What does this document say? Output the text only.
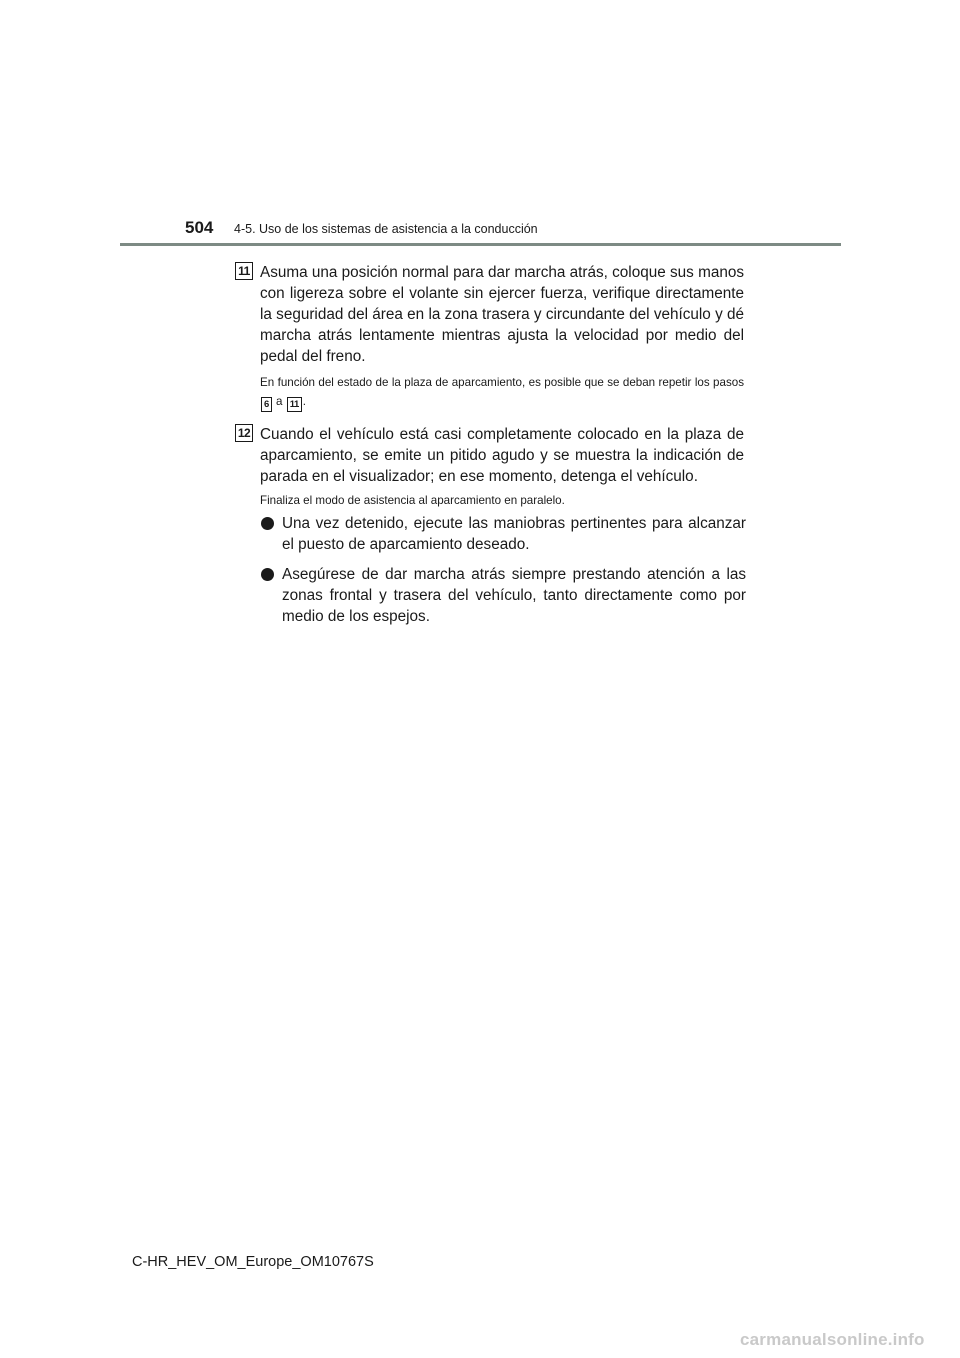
504 4-5. Uso de los sistemas de asistencia a la conducción
11 Asuma una posición normal para dar marcha atrás, coloque sus manos con ligereza sobre el volante sin ejercer fuerza, verifique directamente la seguridad del área en la zona trasera y circundante del vehículo y dé marcha atrás lentamente mientras ajusta la velocidad por medio del pedal del freno.

En función del estado de la plaza de aparcamiento, es posible que se deban repetir los pasos 6 a 11 .

12 Cuando el vehículo está casi completamente colocado en la plaza de aparcamiento, se emite un pitido agudo y se muestra la indicación de parada en el visualizador; en ese momento, detenga el vehículo.

Finaliza el modo de asistencia al aparcamiento en paralelo.

Una vez detenido, ejecute las maniobras pertinentes para alcanzar el puesto de aparcamiento deseado.
Asegúrese de dar marcha atrás siempre prestando atención a las zonas frontal y trasera del vehículo, tanto directamente como por medio de los espejos.
C-HR_HEV_OM_Europe_OM10767S
carmanualsonline.info
